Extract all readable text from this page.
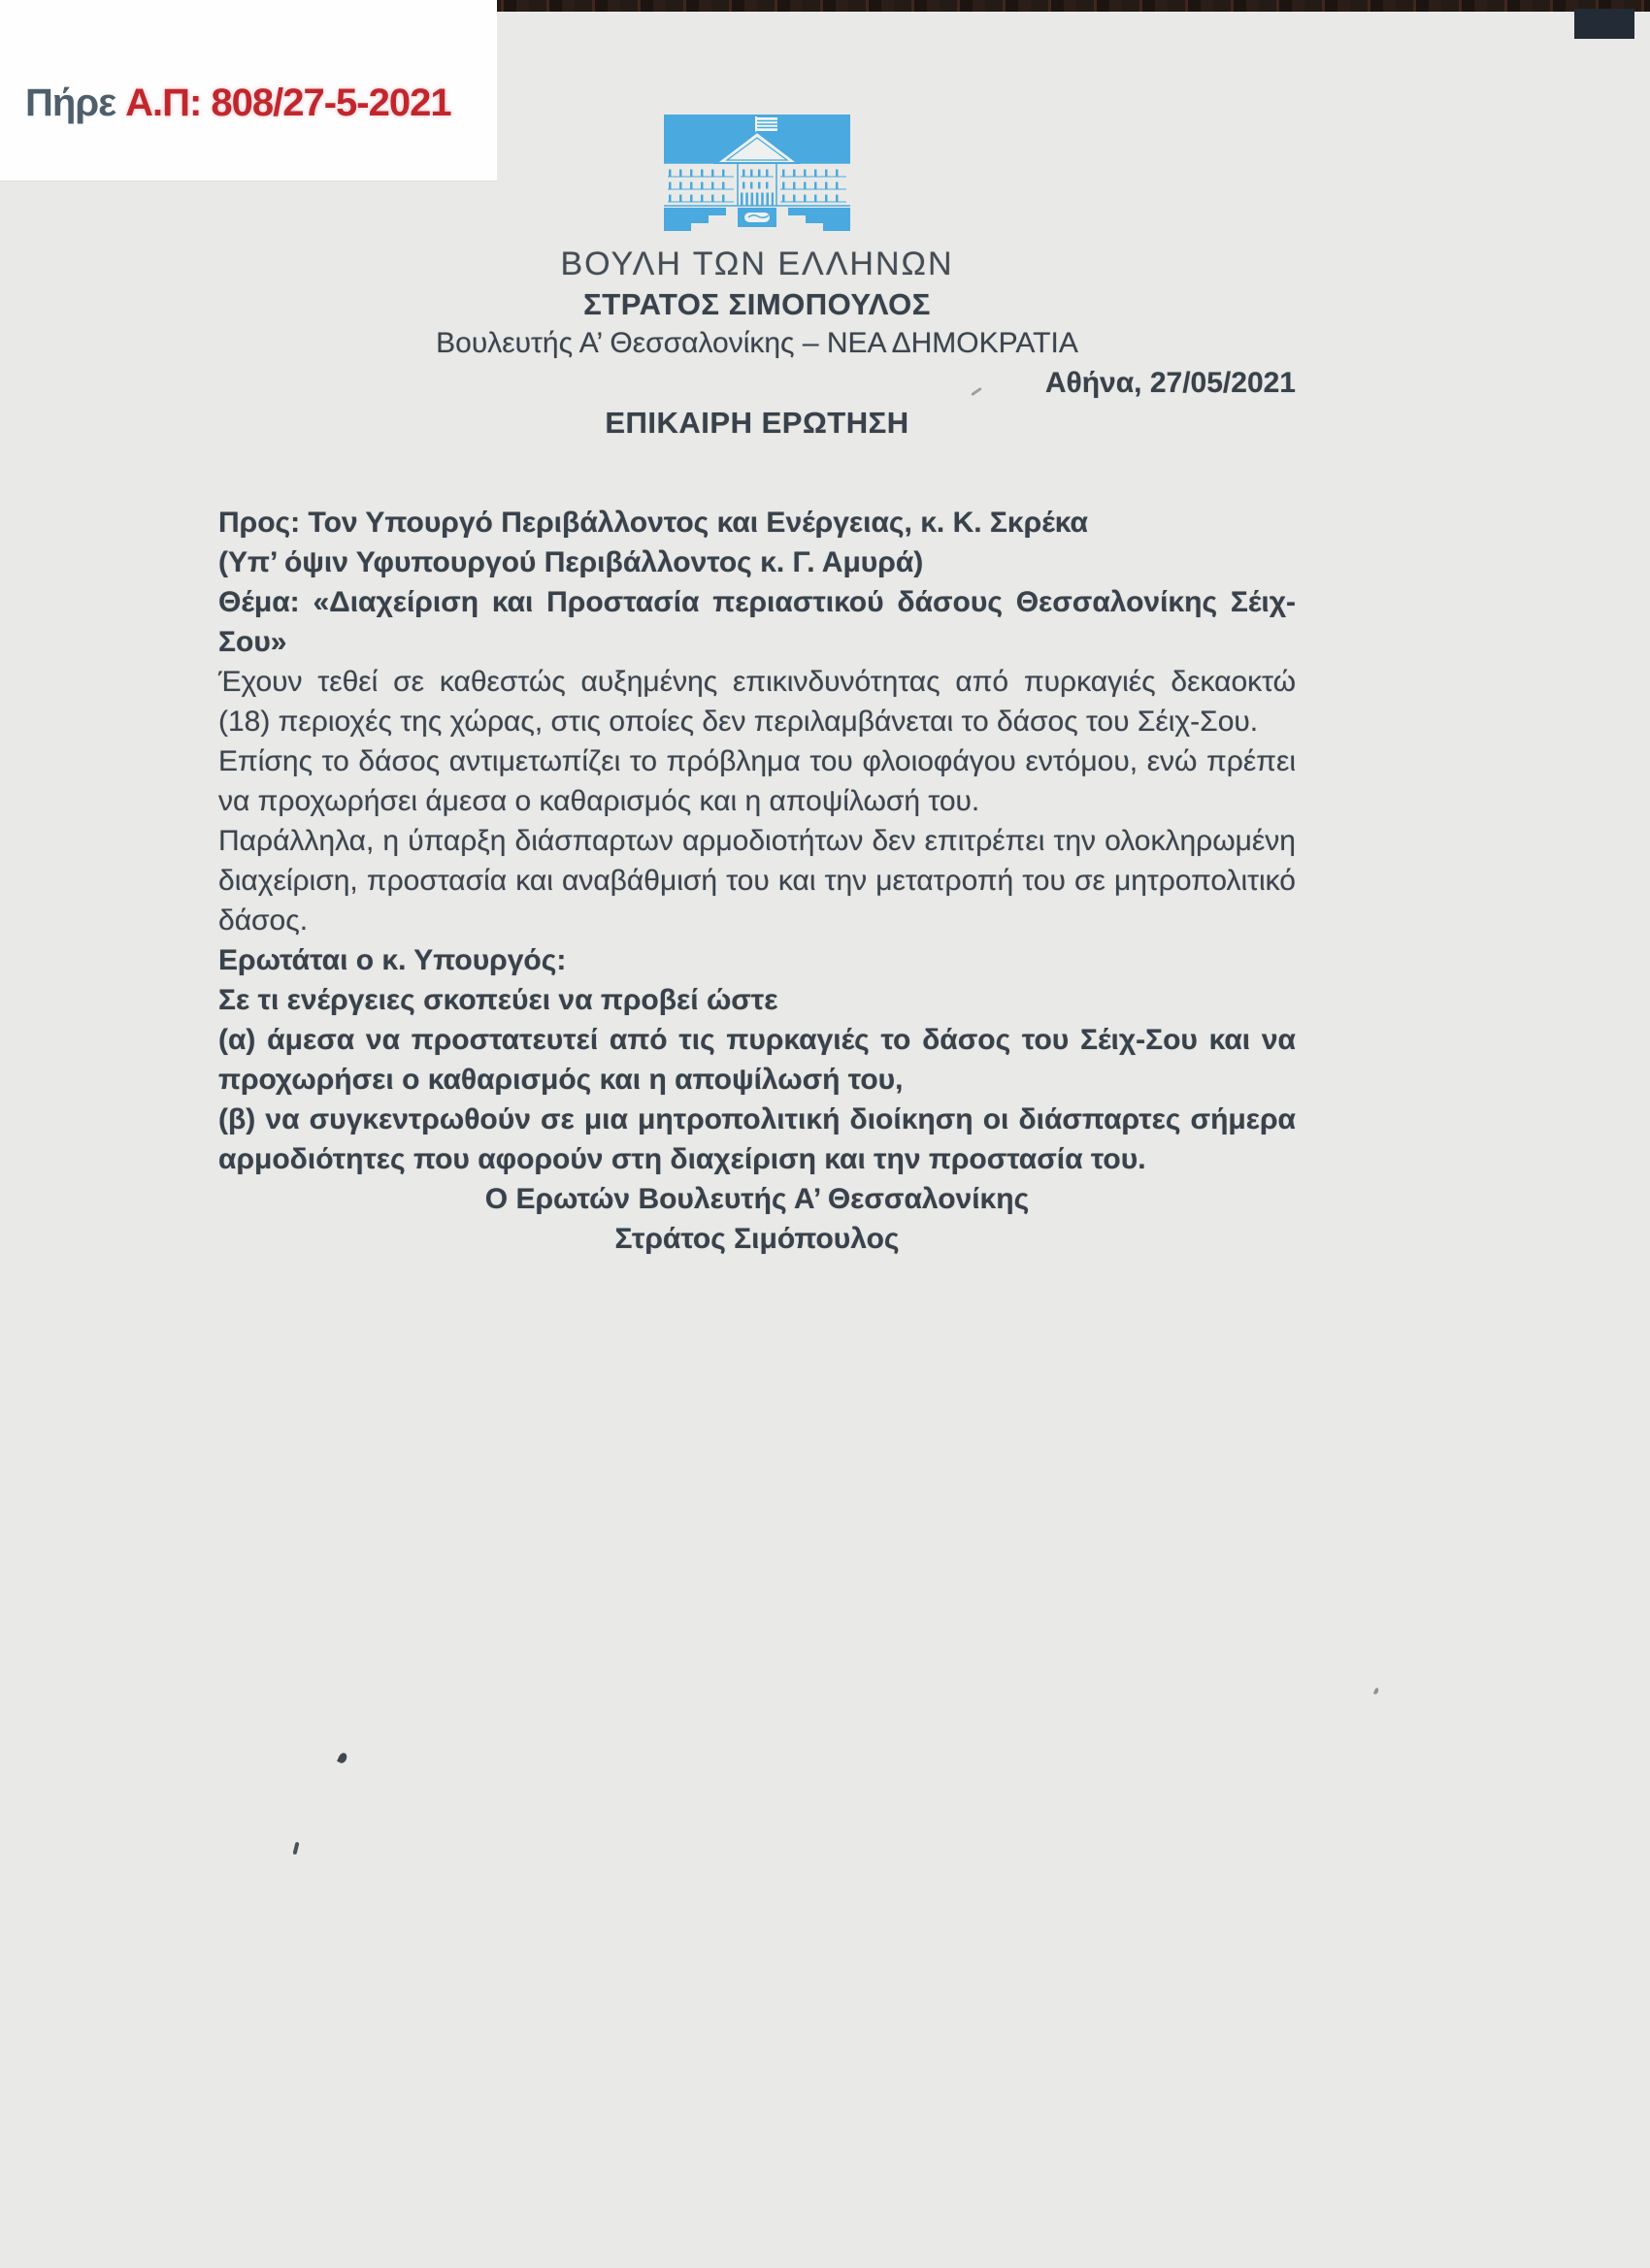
Πήρε Α.Π: 808/27-5-2021
ΒΟΥΛΗ ΤΩΝ ΕΛΛΗΝΩΝ

ΣΤΡΑΤΟΣ ΣΙΜΟΠΟΥΛΟΣ

Βουλευτής Α’ Θεσσαλονίκης – ΝΕΑ ΔΗΜΟΚΡΑΤΙΑ

Αθήνα, 27/05/2021

ΕΠΙΚΑΙΡΗ ΕΡΩΤΗΣΗ

Προς: Τον Υπουργό Περιβάλλοντος και Ενέργειας, κ. Κ. Σκρέκα

(Υπ’ όψιν Υφυπουργού Περιβάλλοντος κ. Γ. Αμυρά)

Θέμα: «Διαχείριση και Προστασία περιαστικού δάσους Θεσσαλονίκης Σέιχ-Σου»

Έχουν τεθεί σε καθεστώς αυξημένης επικινδυνότητας από πυρκαγιές δεκαοκτώ (18) περιοχές της χώρας, στις οποίες δεν περιλαμβάνεται το δάσος του Σέιχ-Σου.

Επίσης το δάσος αντιμετωπίζει το πρόβλημα του φλοιοφάγου εντόμου, ενώ πρέπει να προχωρήσει άμεσα ο καθαρισμός και η αποψίλωσή του.

Παράλληλα, η ύπαρξη διάσπαρτων αρμοδιοτήτων δεν επιτρέπει την ολοκληρωμένη διαχείριση, προστασία και αναβάθμισή του και την μετατροπή του σε μητροπολιτικό δάσος.

Ερωτάται ο κ. Υπουργός:

Σε τι ενέργειες σκοπεύει να προβεί ώστε

(α) άμεσα να προστατευτεί από τις πυρκαγιές το δάσος του Σέιχ-Σου και να προχωρήσει ο καθαρισμός και η αποψίλωσή του,

(β) να συγκεντρωθούν σε μια μητροπολιτική διοίκηση οι διάσπαρτες σήμερα αρμοδιότητες που αφορούν στη διαχείριση και την προστασία του.

Ο Ερωτών Βουλευτής Α’ Θεσσαλονίκης

Στράτος Σιμόπουλος
